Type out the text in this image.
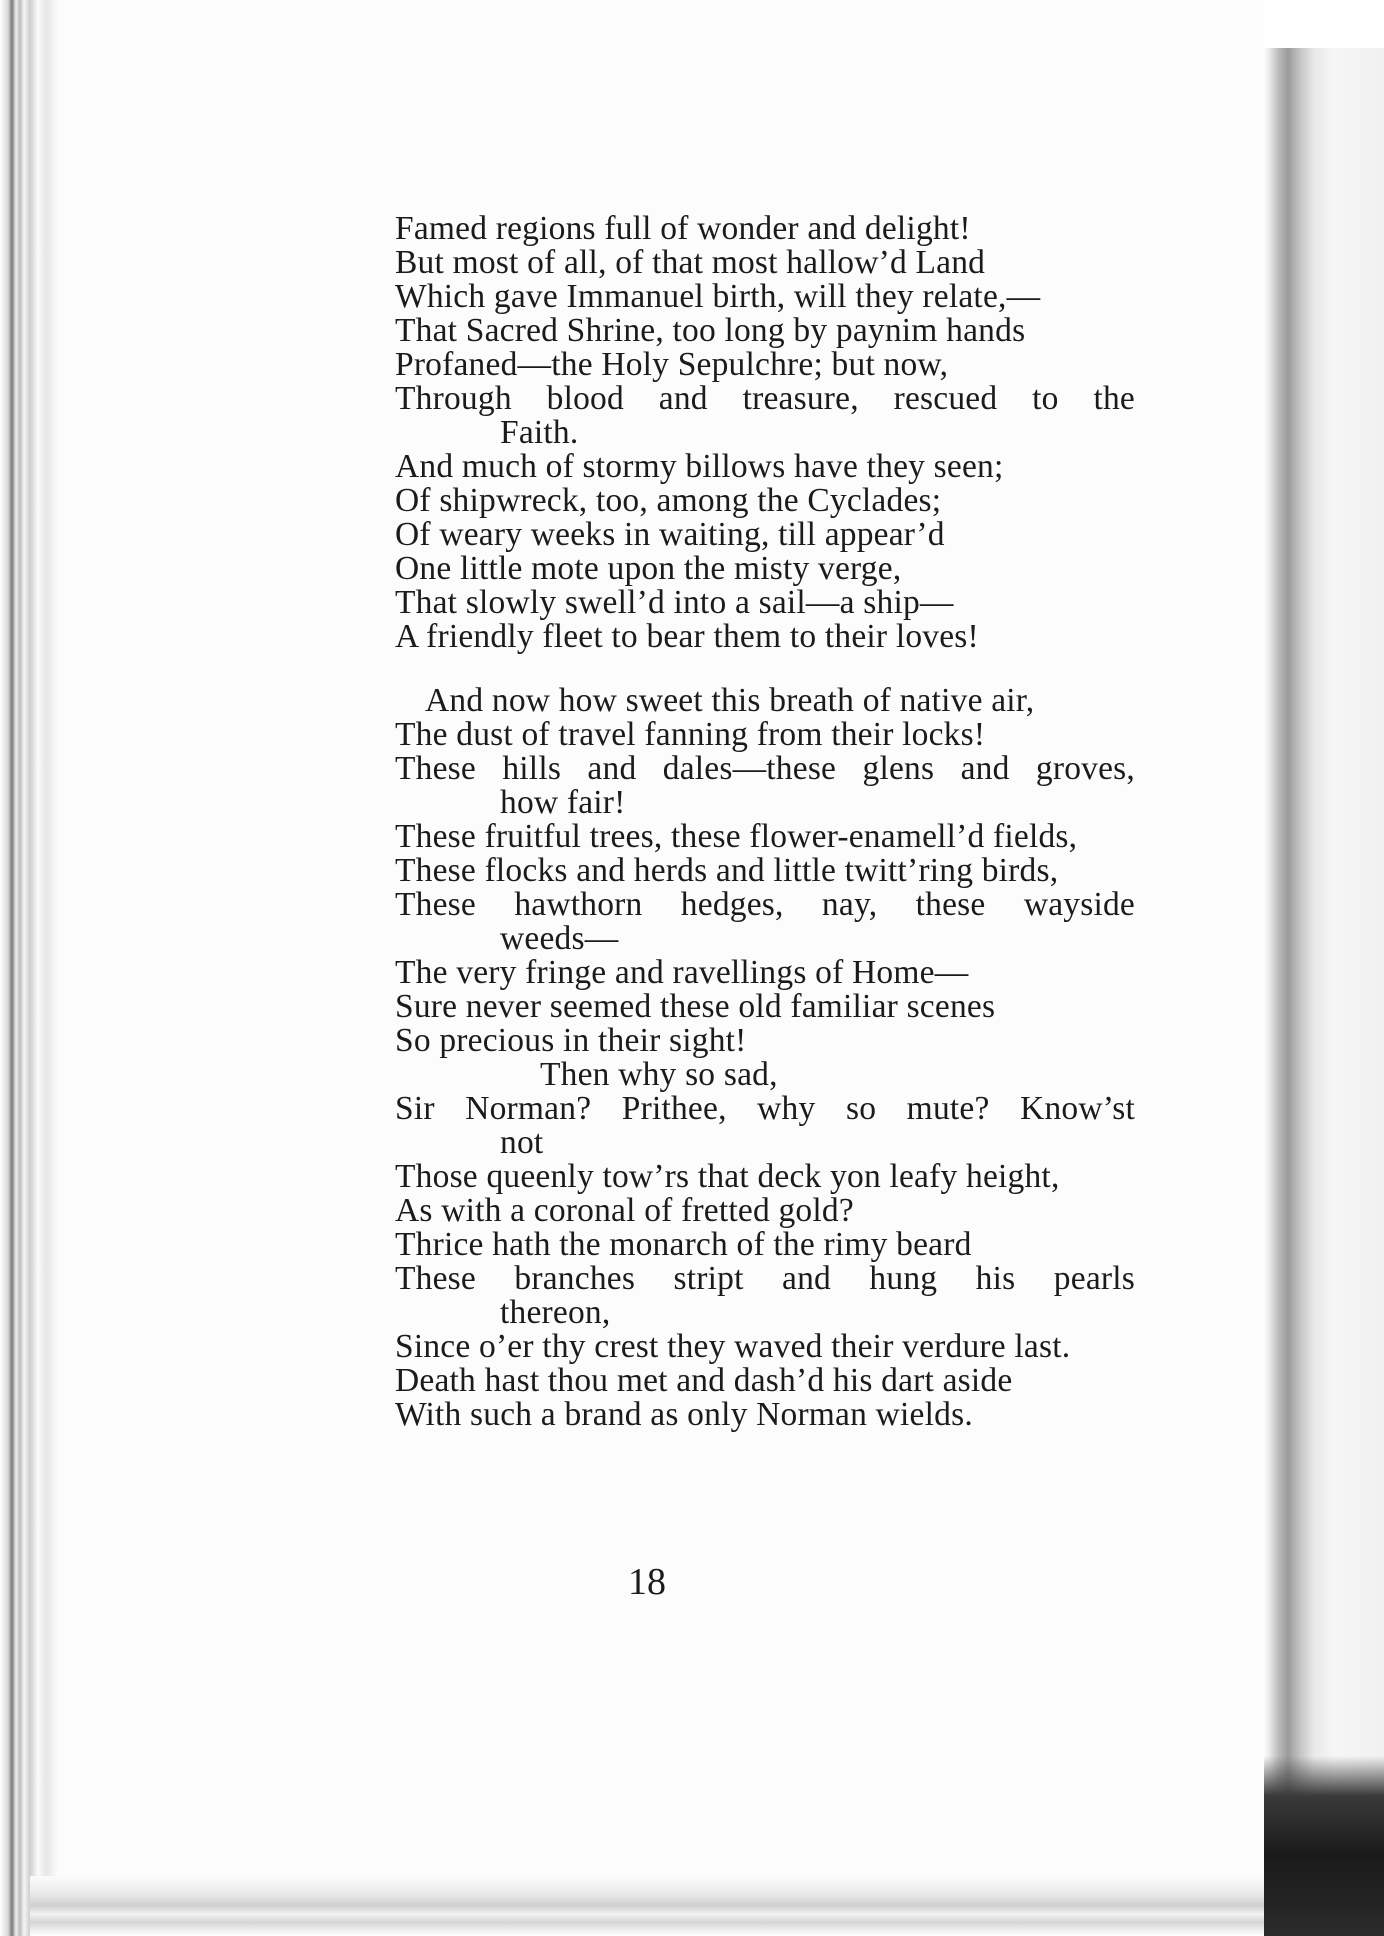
Famed regions full of wonder and delight!
But most of all, of that most hallow’d Land
Which gave Immanuel birth, will they relate,—
That Sacred Shrine, too long by paynim hands
Profaned—the Holy Sepulchre; but now,
Through blood and treasure, rescued to the
Faith.
And much of stormy billows have they seen;
Of shipwreck, too, among the Cyclades;
Of weary weeks in waiting, till appear’d
One little mote upon the misty verge,
That slowly swell’d into a sail—a ship—
A friendly fleet to bear them to their loves!
And now how sweet this breath of native air,
The dust of travel fanning from their locks!
These hills and dales—these glens and groves,
how fair!
These fruitful trees, these flower-enamell’d fields,
These flocks and herds and little twitt’ring birds,
These hawthorn hedges, nay, these wayside
weeds—
The very fringe and ravellings of Home—
Sure never seemed these old familiar scenes
So precious in their sight!
Then why so sad,
Sir Norman? Prithee, why so mute? Know’st
not
Those queenly tow’rs that deck yon leafy height,
As with a coronal of fretted gold?
Thrice hath the monarch of the rimy beard
These branches stript and hung his pearls
thereon,
Since o’er thy crest they waved their verdure last.
Death hast thou met and dash’d his dart aside
With such a brand as only Norman wields.
18
